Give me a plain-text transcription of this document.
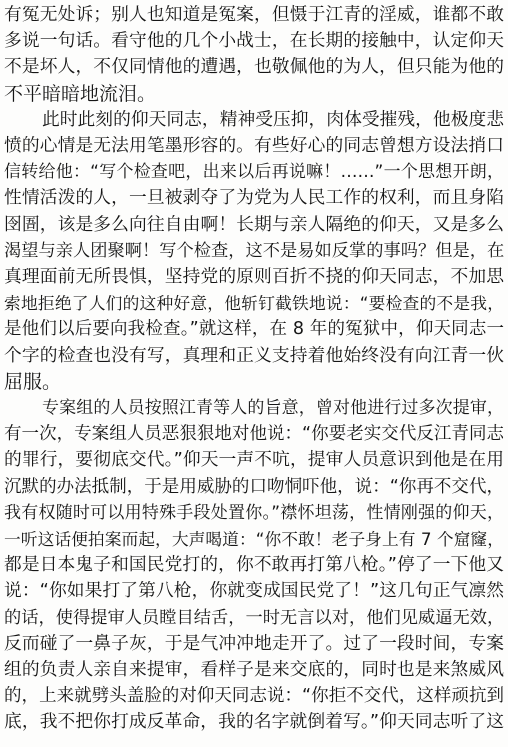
有冤无处诉；别人也知道是冤案，但慑于江青的淫威，谁都不敢
多说一句话。看守他的几个小战士，在长期的接触中，认定仰天
不是坏人，不仅同情他的遭遇，也敬佩他的为人，但只能为他的
不平暗暗地流泪。
此时此刻的仰天同志，精神受压抑，肉体受摧残，他极度悲
愤的心情是无法用笔墨形容的。有些好心的同志曾想方设法捎口
信转给他：“写个检查吧，出来以后再说嘛！……”一个思想开朗，
性情活泼的人，一旦被剥夺了为党为人民工作的权利，而且身陷
囹圄，该是多么向往自由啊！长期与亲人隔绝的仰天，又是多么
渴望与亲人团聚啊！写个检查，这不是易如反掌的事吗？但是，在
真理面前无所畏惧，坚持党的原则百折不挠的仰天同志，不加思
索地拒绝了人们的这种好意，他斩钉截铁地说：“要检查的不是我，
是他们以后要向我检查。”就这样，在 8 年的冤狱中，仰天同志一
个字的检查也没有写，真理和正义支持着他始终没有向江青一伙
屈服。
专案组的人员按照江青等人的旨意，曾对他进行过多次提审，
有一次，专案组人员恶狠狠地对他说：“你要老实交代反江青同志
的罪行，要彻底交代。”仰天一声不吭，提审人员意识到他是在用
沉默的办法抵制，于是用威胁的口吻恫吓他，说：“你再不交代，
我有权随时可以用特殊手段处置你。”襟怀坦荡，性情刚强的仰天，
一听这话便拍案而起，大声喝道：“你不敢！老子身上有 7 个窟窿，
都是日本鬼子和国民党打的，你不敢再打第八枪。”停了一下他又
说：“你如果打了第八枪，你就变成国民党了！”这几句正气凛然
的话，使得提审人员瞠目结舌，一时无言以对，他们见威逼无效，
反而碰了一鼻子灰，于是气冲冲地走开了。过了一段时间，专案
组的负责人亲自来提审，看样子是来交底的，同时也是来煞威风
的，上来就劈头盖脸的对仰天同志说：“你拒不交代，这样顽抗到
底，我不把你打成反革命，我的名字就倒着写。”仰天同志听了这
